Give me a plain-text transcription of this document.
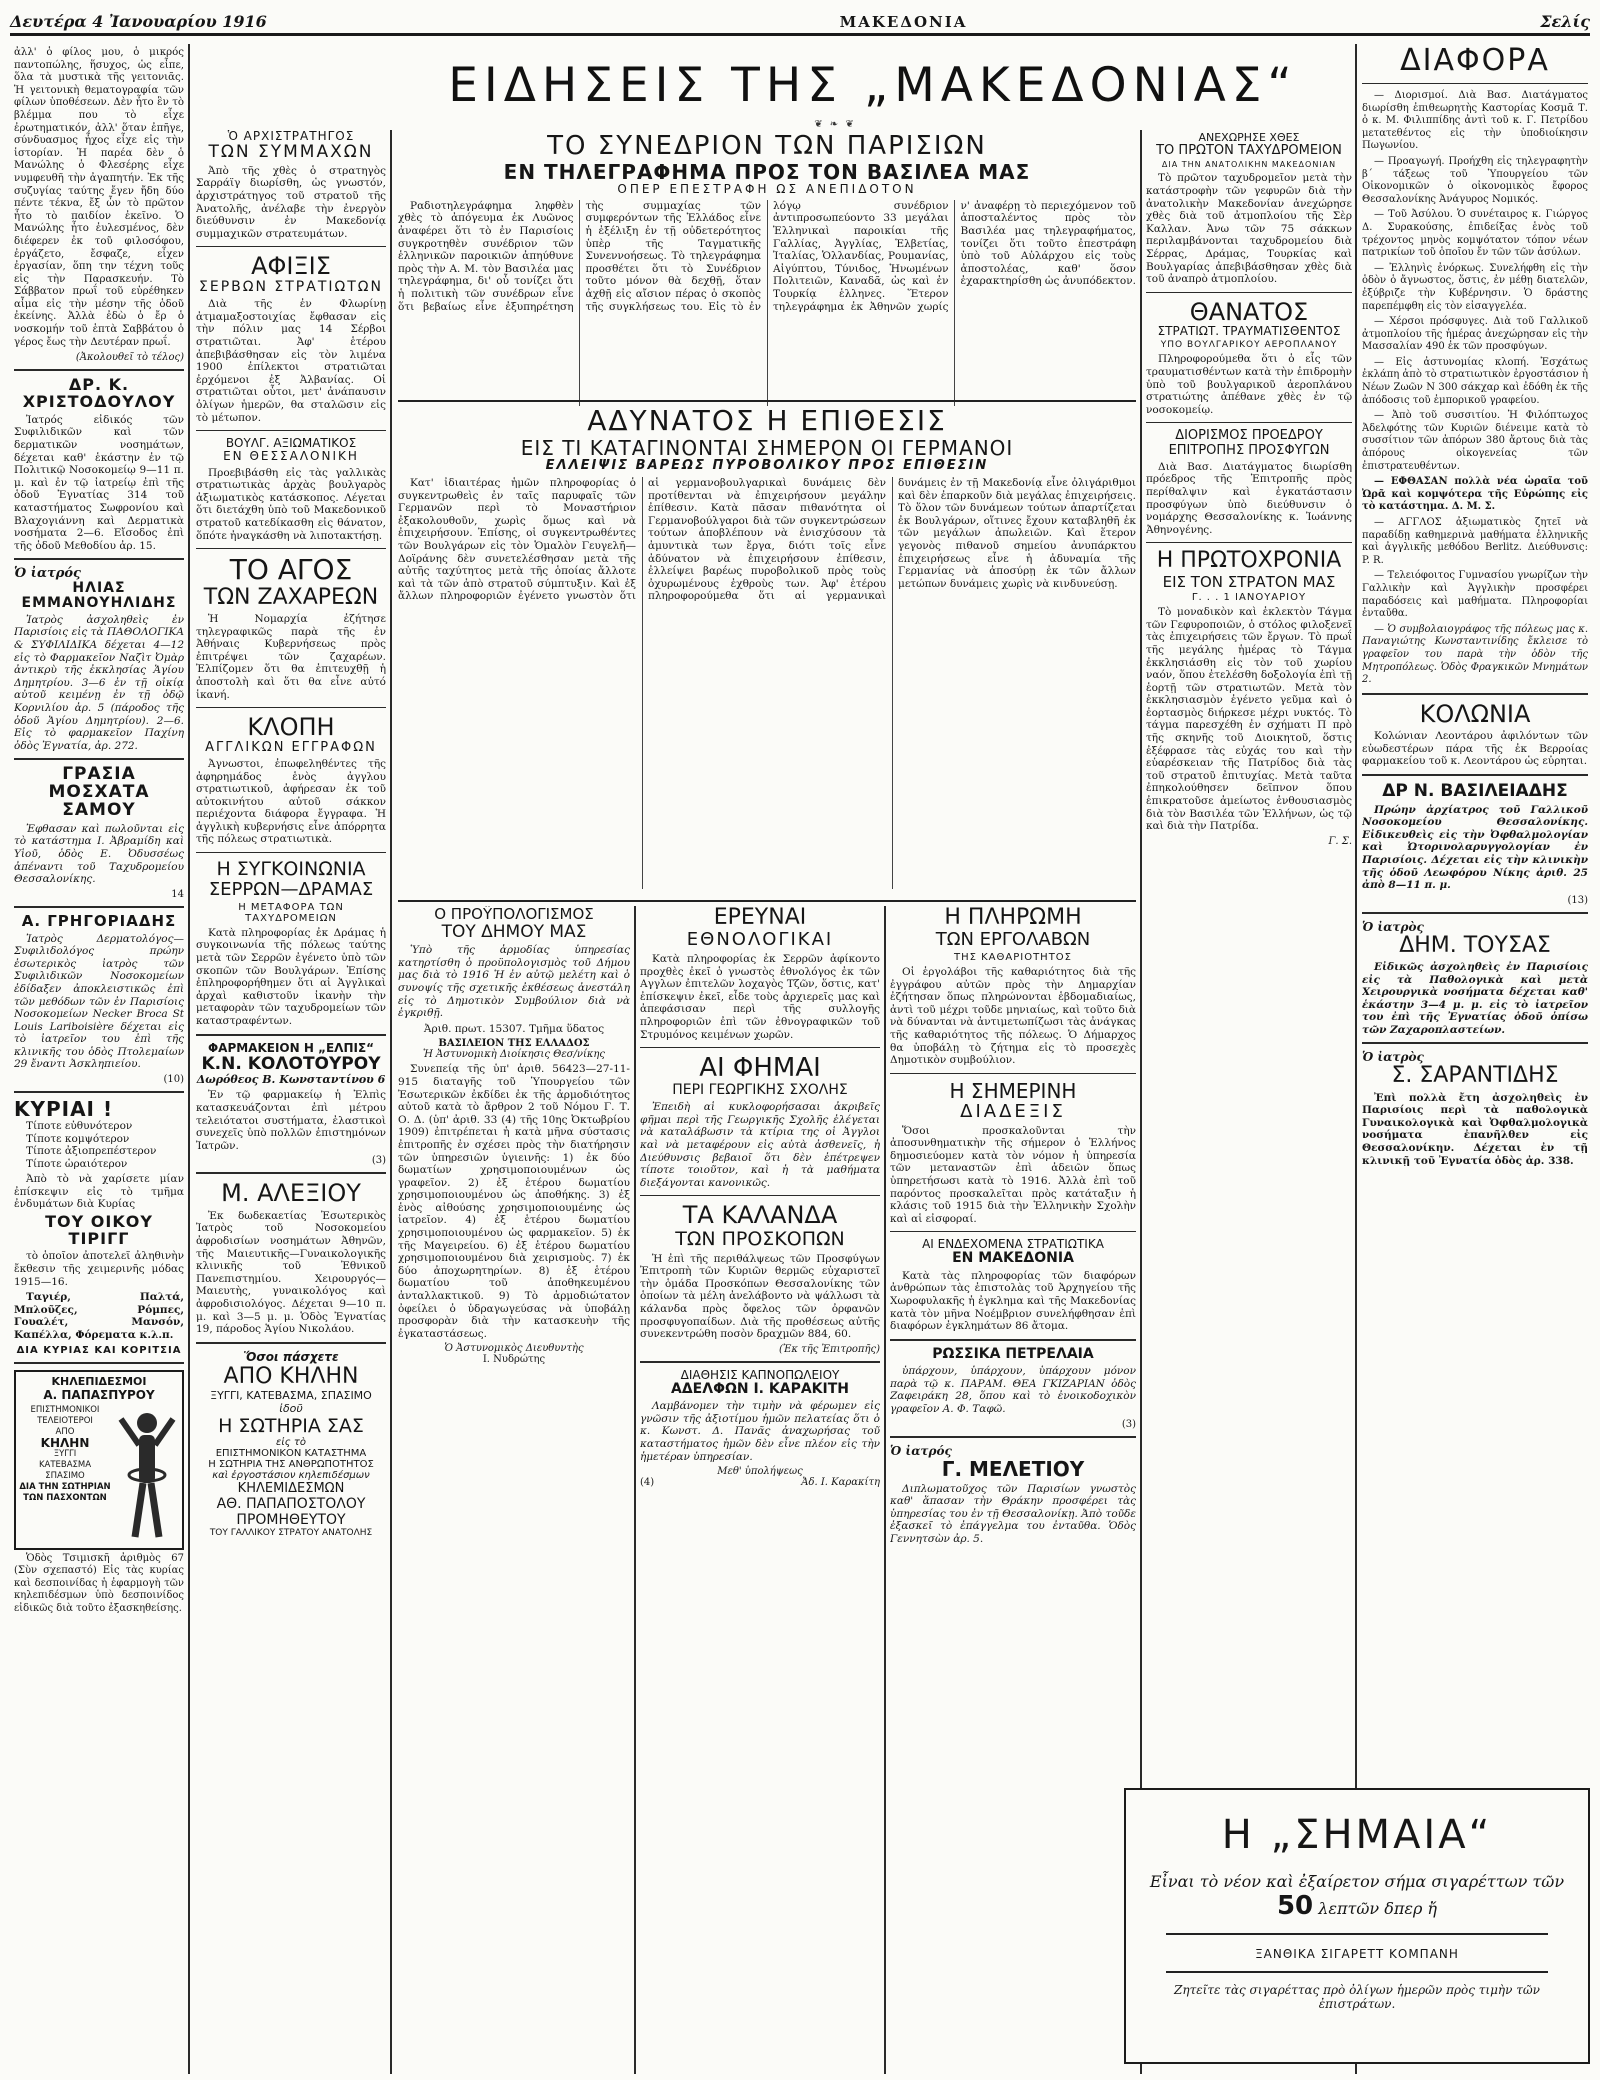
Δευτέρα 4 Ἰανουαρίου 1916	ΜΑΚΕΔΟΝΙΑ	Σελίς
ΕΙΔΗΣΕΙΣ ΤΗΣ „ΜΑΚΕΔΟΝΙΑΣ“
❦ ❧ ❦
ἀλλ' ὁ φίλος μου, ὁ μικρός παντοπώλης, ἥσυχος, ὡς εἶπε, ὅλα τὰ μυστικὰ τῆς γειτονιᾶς. Ἡ γειτονικὴ θεματογραφία τῶν φίλων ὑποθέσεων. Δὲν ἦτο ἓν τὸ βλέμμα που τὸ εἶχε ἐρωτηματικόν, ἀλλ' ὅταν ἐπῆγε, σύνδυασμος ἦχος εἶχε εἰς τὴν ἱστορίαν. Ἡ παρέα δὲν ὁ Μανώλης ὁ Φλεσέρης εἶχε νυμφευθῆ τὴν ἀγαπητήν. Ἐκ τῆς συζυγίας ταύτης ἔγεν ἤδη δύο πέντε τέκνα, ἔξ ὧν τὸ πρῶτον ἦτο τὸ παιδίον ἐκεῖνο. Ὁ Μανώλης ἦτο ἐυλεσμένος, δὲν διέφερεν ἐκ τοῦ φιλοσόφου, ἐργάζετο, ἔσφαζε, εἶχεν ἐργασίαν, ὅπη την τέχνη τοῦς εἰς τὴν Παρασκευήν. Τὸ Σάββατον πρωΐ τοῦ εὑρέθηκεν αἷμα εἰς τὴν μέσην τῆς ὁδοῦ ἐκείνης. Ἀλλὰ ἐδὼ ὁ ἔρ ὁ νοσκομήν τοῦ ἑπτὰ Σαββάτου ὁ γέρος ἔως τὴν Δευτέραν πρωΐ.
(Ἀκολουθεῖ τὸ τέλος)
ΔΡ. Κ. ΧΡΙΣΤΟΔΟΥΛΟΥ
Ἰατρός εἰδικός τῶν Συφιλιδικῶν καὶ τῶν δερματικῶν νοσημάτων, δέχεται καθ' ἑκάστην ἐν τῷ Πολιτικῷ Νοσοκομείῳ 9—11 π. μ. καὶ ἐν τῷ ἰατρείῳ ἐπὶ τῆς ὁδοῦ Ἐγνατίας 314 τοῦ καταστήματος Σωφρονίου καὶ Βλαχογιάννη καὶ Δερματικὰ νοσήματα 2—6. Εἴσοδος ἐπὶ τῆς ὁδοῦ Μεθοδίου ἀρ. 15.
Ὁ ἰατρός
ΗΛΙΑΣ ΕΜΜΑΝΟΥΗΛΙΔΗΣ
Ἰατρὸς ἀσχοληθεὶς ἐν Παρισίοις εἰς τὰ ΠΑΘΟΛΟΓΙΚΑ & ΣΥΦΙΛΙΔΙΚΑ δέχεται 4—12 εἰς τὸ Φαρμακεῖον Ναζὶτ Ὀμὰρ ἀντικρὺ τῆς ἐκκλησίας Ἁγίου Δημητρίου. 3—6 ἐν τῇ οἰκίᾳ αὐτοῦ κειμένῃ ἐν τῇ ὁδῷ Κορνιλίου ἀρ. 5 (πάροδος τῆς ὁδοῦ Ἁγίου Δημητρίου). 2—6. Εἰς τὸ φαρμακεῖον Παχίνη ὁδὸς Ἐγνατία, ἀρ. 272.
ΓΡΑΣΙΑ ΜΟΣΧΑΤΑ ΣΑΜΟΥ
Ἐφθασαν καὶ πωλοῦνται εἰς τὸ κατάστημα Ι. Ἀβραμίδη καὶ Υἱοῦ, ὁδὸς Ε. Ὀδυσσέως ἀπέναντι τοῦ Ταχυδρομείου Θεσσαλονίκης.
14
Α. ΓΡΗΓΟΡΙΑΔΗΣ
Ἰατρὸς Δερματολόγος—Συφιλιδολόγος πρώην ἐσωτερικὸς ἰατρὸς τῶν Συφιλιδικῶν Νοσοκομείων ἐδίδαξεν ἀποκλειστικῶς ἐπὶ τῶν μεθόδων τῶν ἐν Παρισίοις Νοσοκομείων Necker Broca St Louis Lariboisière δέχεται εἰς τὸ ἰατρεῖον του ἐπὶ τῆς κλινικῆς του ὁδὸς Πτολεμαίων 29 ἔναντι Ἀσκληπιείου.
(10)
ΚΥΡΙΑΙ !
Τίποτε εὐθυνότερον
Τίποτε κομψότερον
Τίποτε ἀξιοπρεπέστερον
Τίποτε ὡραιότερον
Ἀπὸ τὸ νὰ χαρίσετε μίαν ἐπίσκεψιν εἰς τὸ τμῆμα ἐνδυμάτων διὰ Κυρίας
ΤΟΥ ΟΙΚΟΥ ΤΙΡΙΓΓ
τὸ ὁποῖον ἀποτελεῖ ἀληθινὴν ἔκθεσιν τῆς χειμερινῆς μόδας 1915—16.
Ταγιέρ, Παλτά, Μπλοῦζες, Ρόμπες, Γουαλέτ, Μανσόν, Καπέλλα, Φόρεματα κ.λ.π.
ΔΙΑ ΚΥΡΙΑΣ ΚΑΙ ΚΟΡΙΤΣΙΑ
ΚΗΛΕΠΙΔΕΣΜΟΙ
Α. ΠΑΠΑΣΠΥΡΟΥ
ΕΠΙΣΤΗΜΟΝΙΚΟΙ
ΤΕΛΕΙΟΤΕΡΟΙ
ΑΠΟ
ΚΗΛΗΝ
ΞΥΓΓΙ
ΚΑΤΕΒΑΣΜΑ
ΣΠΑΣΙΜΟ
ΔΙΑ ΤΗΝ ΣΩΤΗΡΙΑΝ ΤΩΝ ΠΑΣΧΟΝΤΩΝ
Ὁδὸς Τσιμισκῆ ἀριθμὸς 67 (Σὺν σχεπαστό) Εἰς τὰς κυρίας καὶ δεσποινίδας ἡ ἐφαρμογὴ τῶν κηλεπιδέσμων ὑπὸ δεσποινίδος εἰδικῶς διὰ τοῦτο ἐξασκηθείσης.
Ὁ ΑΡΧΙΣΤΡΑΤΗΓΟΣ
ΤΩΝ ΣΥΜΜΑΧΩΝ
Ἀπὸ τῆς χθὲς ὁ στρατηγὸς Σαρράϊγ διωρίσθη, ὡς γνωστόν, ἀρχιστράτηγος τοῦ στρατοῦ τῆς Ἀνατολῆς, ἀνέλαβε τὴν ἐνεργὸν διεύθυνσιν ἐν Μακεδονίᾳ συμμαχικῶν στρατευμάτων.
ΑΦΙΞΙΣ
ΣΕΡΒΩΝ ΣΤΡΑΤΙΩΤΩΝ
Διὰ τῆς ἐν Φλωρίνῃ ἀτμαμαξοστοιχίας ἔφθασαν εἰς τὴν πόλιν μας 14 Σέρβοι στρατιῶται. Ἀφ' ἑτέρου ἀπεβιβάσθησαν εἰς τὸν λιμένα 1900 ἐπίλεκτοι στρατιῶται ἐρχόμενοι ἐξ Ἀλβανίας. Οἱ στρατιῶται οὗτοι, μετ' ἀνάπαυσιν ὀλίγων ἡμερῶν, θα σταλῶσιν εἰς τὸ μέτωπον.
ΒΟΥΛΓ. ΑΞΙΩΜΑΤΙΚΟΣ
ΕΝ ΘΕΣΣΑΛΟΝΙΚΗ
Προεβιβάσθη εἰς τὰς γαλλικὰς στρατιωτικὰς ἀρχὰς βουλγαρὸς ἀξιωματικὸς κατάσκοπος. Λέγεται ὅτι διετάχθη ὑπὸ τοῦ Μακεδονικοῦ στρατοῦ κατεδίκασθη εἰς θάνατον, ὅπότε ἠναγκάσθη νὰ λιποτακτήσῃ.
ΤΟ ΑΓΟΣ
ΤΩΝ ΖΑΧΑΡΕΩΝ
Ἡ Νομαρχία ἐζήτησε τηλεγραφικῶς παρὰ τῆς ἐν Ἀθήναις Κυβερνήσεως πρὸς ἐπιτρέψει τῶν ζαχαρέων. Ἐλπίζομεν ὅτι θα ἐπιτευχθῇ ἡ ἀποστολὴ καὶ ὅτι θα εἶνε αὐτό ἱκανή.
ΚΛΟΠΗ
ΑΓΓΛΙΚΩΝ ΕΓΓΡΑΦΩΝ
Ἀγνωστοι, ἐπωφεληθέντες τῆς ἀφηρημάδος ἑνὸς ἀγγλου στρατιωτικοῦ, ἀφήρεσαν ἐκ τοῦ αὐτοκινήτου αὐτοῦ σάκκον περιέχοντα διάφορα ἔγγραφα. Ἡ ἀγγλικὴ κυβερνήσις εἶνε ἀπόρρητα τῆς πόλεως στρατιωτικὰ.
Η ΣΥΓΚΟΙΝΩΝΙΑ
ΣΕΡΡΩΝ—ΔΡΑΜΑΣ
Η ΜΕΤΑΦΟΡΑ ΤΩΝ ΤΑΧΥΔΡΟΜΕΙΩΝ
Κατὰ πληροφορίας ἐκ Δράμας ἡ συγκοινωνία τῆς πόλεως ταύτης μετὰ τῶν Σερρῶν ἐγένετο ὑπὸ τῶν σκοπῶν τῶν Βουλγάρων. Ἐπίσης ἐπληροφορήθημεν ὅτι αἱ Ἀγγλικαὶ ἀρχαὶ καθιστοῦν ἱκανὴν τὴν μεταφορὰν τῶν ταχυδρομείων τῶν καταστραφέντων.
ΦΑΡΜΑΚΕΙΟΝ Η „ΕΛΠΙΣ“
Κ.Ν. ΚΟΛΟΤΟΥΡΟΥ
Δωρόθεος Β. Κωνσταντίνου 6
Ἐν τῷ φαρμακείῳ ἡ Ἐλπὶς κατασκευάζονται ἐπὶ μέτρου τελειότατοι συστήματα, ἐλαστικοὶ συνεχεῖς ὑπὸ πολλῶν ἐπιστημόνων Ἰατρῶν.
(3)
Μ. ΑΛΕΞΙΟΥ
Ἐκ δωδεκαετίας Ἐσωτερικὸς Ἰατρὸς τοῦ Νοσοκομείου ἀφροδισίων νοσημάτων Ἀθηνῶν, τῆς Μαιευτικῆς—Γυναικολογικῆς κλινικῆς τοῦ Ἐθνικοῦ Πανεπιστημίου. Χειρουργός—Μαιευτὴς, γυναικολόγος καὶ ἀφροδισιολόγος. Δέχεται 9—10 π. μ. καὶ 3—5 μ. μ. Ὁδὸς Ἐγνατίας 19, πάροδος Ἁγίου Νικολάου.
Ὅσοι πάσχετε
ΑΠΟ ΚΗΛΗΝ
ΞΥΓΓΙ, ΚΑΤΕΒΑΣΜΑ, ΣΠΑΣΙΜΟ
ἰδοῦ
Η ΣΩΤΗΡΙΑ ΣΑΣ
εἰς τὸ
ΕΠΙΣΤΗΜΟΝΙΚΟΝ ΚΑΤΑΣΤΗΜΑ
Η ΣΩΤΗΡΙΑ ΤΗΣ ΑΝΘΡΩΠΟΤΗΤΟΣ
καὶ ἐργοστάσιον κηλεπιδέσμων
ΚΗΛΕΜΙΔΕΣΜΩΝ
ΑΘ. ΠΑΠΑΠΟΣΤΟΛΟΥ
ΠΡΟΜΗΘΕΥΤΟΥ
ΤΟΥ ΓΑΛΛΙΚΟΥ ΣΤΡΑΤΟΥ ΑΝΑΤΟΛΗΣ
ΤΟ ΣΥΝΕΔΡΙΟΝ ΤΩΝ ΠΑΡΙΣΙΩΝ
ΕΝ ΤΗΛΕΓΡΑΦΗΜΑ ΠΡΟΣ ΤΟΝ ΒΑΣΙΛΕΑ ΜΑΣ
ΟΠΕΡ ΕΠΕΣΤΡΑΦΗ ΩΣ ΑΝΕΠΙΔΟΤΟΝ
Ραδιοτηλεγράφημα ληφθὲν χθὲς τὸ ἀπόγευμα ἐκ Λυῶνος ἀναφέρει ὅτι τὸ ἐν Παρισίοις συγκροτηθὲν συνέδριον τῶν ἑλληνικῶν παροικιῶν ἀπηύθυνε πρὸς τὴν Α. Μ. τὸν Βασιλέα μας τηλεγράφημα, δι' οὗ τονίζει ὅτι ἡ πολιτικὴ τῶν συνέδρων εἶνε ὅτι βεβαίως εἶνε ἐξυπηρέτηση τὴς συμμαχίας τῶν συμφερόντων τῆς Ἑλλάδος εἶνε ἡ ἐξέλιξη ἐν τῇ οὐδετερότητος ὑπὲρ τῆς Ταγματικῆς Συνεννοήσεως. Τὸ τηλεγράφημα προσθέτει ὅτι τὸ Συνέδριον τοῦτο μόνον θὰ δεχθῇ, ὅταν ἀχθῇ εἰς αἴσιον πέρας ὁ σκοπὸς τῆς συγκλήσεως του. Εἰς τὸ ἐν λόγῳ συνέδριον ἀντιπροσωπεύοντο 33 μεγάλαι Ἑλληνικαὶ παροικίαι τῆς Γαλλίας, Ἀγγλίας, Ἑλβετίας, Ἰταλίας, Ὁλλανδίας, Ρουμανίας, Αἰγύπτου, Τύνιδος, Ἡνωμένων Πολιτειῶν, Καναδᾶ, ὡς καὶ ἐν Τουρκίᾳ ἑλληνες. Ἕτερον τηλεγράφημα ἐκ Ἀθηνῶν χωρίς ν' ἀναφέρῃ τὸ περιεχόμενον τοῦ ἀποσταλέντος πρὸς τὸν Βασιλέα μας τηλεγραφήματος, τονίζει ὅτι τοῦτο ἐπεστράφη ὑπὸ τοῦ Αὐλάρχου εἰς τοὺς ἀποστολέας, καθ' ὅσον ἐχαρακτηρίσθη ὡς ἀνυπόδεκτον.
ΑΔΥΝΑΤΟΣ Η ΕΠΙΘΕΣΙΣ
ΕΙΣ ΤΙ ΚΑΤΑΓΙΝΟΝΤΑΙ ΣΗΜΕΡΟΝ ΟΙ ΓΕΡΜΑΝΟΙ
ΕΛΛΕΙΨΙΣ ΒΑΡΕΩΣ ΠΥΡΟΒΟΛΙΚΟΥ ΠΡΟΣ ΕΠΙΘΕΣΙΝ
Κατ' ἰδιαιτέρας ἡμῶν πληροφορίας ὁ συγκεντρωθεὶς ἐν ταῖς παρυφαῖς τῶν Γερμανῶν περὶ τὸ Μοναστήριον ἐξακολουθοῦν, χωρὶς ὅμως καὶ νὰ ἐπιχειρήσουν. Ἐπίσης, οἱ συγκεντρωθέντες τῶν Βουλγάρων εἰς τὸν Ὁμαλὸν Γευγελῆ—Δοϊράνης δὲν συνετελέσθησαν μετὰ τῆς αὐτῆς ταχύτητος μετὰ τῆς ὁποίας ἄλλοτε καὶ τὰ τῶν ἀπὸ στρατοῦ σύμπτυξιν. Καὶ ἐξ ἄλλων πληροφοριῶν ἐγένετο γνωστὸν ὅτι αἱ γερμανοβουλγαρικαὶ δυνάμεις δὲν προτίθενται νὰ ἐπιχειρήσουν μεγάλην ἐπίθεσιν. Κατὰ πᾶσαν πιθανότητα οἱ Γερμανοβούλγαροι διὰ τῶν συγκεντρώσεων τούτων ἀποβλέπουν νὰ ἐνισχύσουν τὰ ἀμυντικὰ των ἔργα, διότι τοῖς εἶνε ἀδύνατον νὰ ἐπιχειρήσουν ἐπίθεσιν, ἐλλείψει βαρέως πυροβολικοῦ πρὸς τοὺς ὀχυρωμένους ἐχθροὺς των. Ἀφ' ἑτέρου πληροφορούμεθα ὅτι αἱ γερμανικαὶ δυνάμεις ἐν τῇ Μακεδονίᾳ εἶνε ὀλιγάριθμοι καὶ δὲν ἐπαρκοῦν διὰ μεγάλας ἐπιχειρήσεις. Τὸ ὅλον τῶν δυνάμεων τούτων ἀπαρτίζεται ἐκ Βουλγάρων, οἵτινες ἔχουν καταβληθῆ ἐκ τῶν μεγάλων ἀπωλειῶν. Καὶ ἕτερον γεγονὸς πιθανοῦ σημείου ἀνυπάρκτου ἐπιχειρήσεως εἶνε ἡ ἀδυναμία τῆς Γερμανίας νὰ ἀποσύρῃ ἐκ τῶν ἄλλων μετώπων δυνάμεις χωρὶς νὰ κινδυνεύσῃ.
Ο ΠΡΟΫΠΟΛΟΓΙΣΜΟΣ
ΤΟΥ ΔΗΜΟΥ ΜΑΣ
Ὑπὸ τῆς ἁρμοδίας ὑπηρεσίας κατηρτίσθη ὁ προϋπολογισμὸς τοῦ Δήμου μας διὰ τὸ 1916 Ἡ ἐν αὐτῷ μελέτη καὶ ὁ συνοψίς τῆς σχετικῆς ἐκθέσεως ἀνεστάλη εἰς τὸ Δημοτικὸν Συμβούλιον διὰ νὰ ἐγκριθῇ.
Ἀριθ. πρωτ. 15307. Τμῆμα ὕδατος
ΒΑΣΙΛΕΙΟΝ ΤΗΣ ΕΛΛΑΔΟΣ
Ἡ Ἀστυνομικὴ Διοίκησις Θεσ/νίκης
Συνεπείᾳ τῆς ὑπ' ἀριθ. 56423—27-11-915 διαταγῆς τοῦ Ὑπουργείου τῶν Ἐσωτερικῶν ἐκδίδει ἐκ τῆς ἀρμοδιότητος αὐτοῦ κατὰ τὸ ἄρθρον 2 τοῦ Νόμου Γ. Τ. Ο. Δ. (ὑπ' ἀριθ. 33 (4) τῆς 10ης Ὀκτωβρίου 1909) ἐπιτρέπεται ἡ κατὰ μῆνα σύστασις ἐπιτροπῆς ἐν σχέσει πρὸς τὴν διατήρησιν τῶν ὑπηρεσιῶν ὑγιεινῆς: 1) ἐκ δύο δωματίων χρησιμοποιουμένων ὡς γραφεῖον. 2) ἐξ ἑτέρου δωματίου χρησιμοποιουμένου ὡς ἀποθήκης. 3) ἐξ ἑνὸς αἰθούσης χρησιμοποιουμένης ὡς ἰατρεῖον. 4) ἐξ ἑτέρου δωματίου χρησιμοποιουμένου ὡς φαρμακεῖον. 5) ἐκ τῆς Μαγειρείου. 6) ἐξ ἑτέρου δωματίου χρησιμοποιουμένου διὰ χειρισμοὺς. 7) ἐκ δύο ἀποχωρητηρίων. 8) ἐξ ἑτέρου δωματίου τοῦ ἀποθηκευμένου ἀνταλλακτικοῦ. 9) Τὸ ἁρμοδιώτατον ὀφείλει ὁ ὑδραγωγεύσας νὰ ὑποβάλῃ προσφορὰν διὰ τὴν κατασκευὴν τῆς ἐγκαταστάσεως.
Ὁ Ἀστυνομικὸς Διευθυντὴς
Ι. Νυδρώτης
ΕΡΕΥΝΑΙ
ΕΘΝΟΛΟΓΙΚΑΙ
Κατὰ πληροφορίας ἐκ Σερρῶν ἀφίκοντο προχθὲς ἐκεῖ ὁ γνωστὸς ἐθνολόγος ἐκ τῶν Αγγλων ἐπιτελῶν λοχαγὸς Τζῶν, ὅστις, κατ' ἐπίσκεψιν ἐκεῖ, εἶδε τοὺς ἀρχιερεῖς μας καὶ ἀπεφάσισαν περὶ τῆς συλλογῆς πληροφοριῶν ἐπὶ τῶν ἐθνογραφικῶν τοῦ Στρυμόνος κειμένων χωρῶν.
ΑΙ ΦΗΜΑΙ
ΠΕΡΙ ΓΕΩΡΓΙΚΗΣ ΣΧΟΛΗΣ
Ἐπειδὴ αἱ κυκλοφορήσασαι ἀκριβεῖς φῆμαι περὶ τῆς Γεωργικῆς Σχολῆς ἐλέγεται νὰ καταλάβωσιν τὰ κτίρια της οἱ Ἀγγλοι καὶ νὰ μεταφέρουν εἰς αὐτὰ ἀσθενεῖς, ἡ Διεύθυνσις βεβαιοῖ ὅτι δὲν ἐπέτρεψεν τίποτε τοιοῦτον, καὶ ἡ τὰ μαθήματα διεξάγονται κανονικῶς.
ΤΑ ΚΑΛΑΝΔΑ
ΤΩΝ ΠΡΟΣΚΟΠΩΝ
Ἡ ἐπὶ τῆς περιθάλψεως τῶν Προσφύγων Ἐπιτροπὴ τῶν Κυριῶν θερμῶς εὐχαριστεῖ τὴν ὁμάδα Προσκόπων Θεσσαλονίκης τῶν ὁποίων τὰ μέλη ἀνελάβοντο νὰ ψάλλωσι τὰ κάλανδα πρὸς ὄφελος τῶν ὀρφανῶν προσφυγοπαίδων. Διὰ τῆς προθέσεως αὐτῆς συνεκεντρώθη ποσὸν δραχμῶν 884, 60.
(Ἐκ τῆς Ἐπιτροπῆς)
ΔΙΑΘΗΣΙΣ ΚΑΠΝΟΠΩΛΕΙΟΥ
ΑΔΕΛΦΩΝ Ι. ΚΑΡΑΚΙΤΗ
Λαμβάνομεν τὴν τιμὴν νὰ φέρωμεν εἰς γνῶσιν τῆς ἀξιοτίμου ἡμῶν πελατείας ὅτι ὁ κ. Κωνστ. Δ. Πανᾶς ἀναχωρήσας τοῦ καταστήματος ἡμῶν δὲν εἶνε πλέον εἰς τὴν ἡμετέραν ὑπηρεσίαν.
Μεθ' ὑπολήψεως
(4)	Ἀδ. Ι. Καρακίτη
Η ΠΛΗΡΩΜΗ
ΤΩΝ ΕΡΓΟΛΑΒΩΝ
ΤΗΣ ΚΑΘΑΡΙΟΤΗΤΟΣ
Οἱ ἐργολάβοι τῆς καθαριότητος διὰ τῆς ἐγγράφου αὐτῶν πρὸς τὴν Δημαρχίαν ἐζήτησαν ὅπως πληρώνονται ἑβδομαδιαίως, ἀντὶ τοῦ μέχρι τοῦδε μηνιαίως, καὶ τοῦτο διὰ νὰ δύνανται νὰ ἀντιμετωπίζωσι τὰς ἀνάγκας τῆς καθαριότητος τῆς πόλεως. Ὁ Δήμαρχος θα ὑποβάλῃ τὸ ζήτημα εἰς τὸ προσεχὲς Δημοτικὸν συμβούλιον.
Η ΣΗΜΕΡΙΝΗ
ΔΙΑΔΕΞΙΣ
Ὅσοι προσκαλοῦνται τὴν ἀποσυνθηματικὴν τῆς σήμερον ὁ Ἑλλήνος δημοσιεύομεν κατὰ τὸν νόμον ἡ ὑπηρεσία τῶν μεταναστῶν ἐπὶ ἀδειῶν ὅπως ὑπηρετήσωσι κατὰ τὸ 1916. Ἀλλὰ ἐπὶ τοῦ παρόντος προσκαλεῖται πρὸς κατάταξιν ἡ κλάσις τοῦ 1915 διὰ τὴν Ἑλληνικὴν Σχολὴν καὶ αἱ εἰσφοραί.
ΑΙ ΕΝΔΕΧΟΜΕΝΑ ΣΤΡΑΤΙΩΤΙΚΑ
ΕΝ ΜΑΚΕΔΟΝΙΑ
Κατὰ τὰς πληροφορίας τῶν διαφόρων ἀνθρώπων τὰς ἐπιστολὰς τοῦ Ἀρχηγείου τῆς Χωροφυλακῆς ἡ ἐγκλημα καὶ τῆς Μακεδονίας κατὰ τὸν μῆνα Νοέμβριον συνελήφθησαν ἐπὶ διαφόρων ἐγκλημάτων 86 ἄτομα.
ΡΩΣΣΙΚΑ ΠΕΤΡΕΛΑΙΑ
ὑπάρχουν, ὑπάρχουν, ὑπάρχουν μόνον παρὰ τῷ κ. ΠΑΡΑΜ. ΘΕΑ ΓΚΙΖΑΡΙΑΝ ὁδὸς Ζαφειράκη 28, ὅπου καὶ τὸ ἐνοικοδοχικὸν γραφεῖον Α. Φ. Ταφῶ.
(3)
Ὁ ἰατρός
Γ. ΜΕΛΕΤΙΟΥ
Διπλωματοῦχος τῶν Παρισίων γνωστὸς καθ' ἅπασαν τὴν Θράκην προσφέρει τὰς ὑπηρεσίας του ἐν τῇ Θεσσαλονίκῃ. Ἀπὸ τοῦδε ἐξασκεῖ τὸ ἐπάγγελμα του ἐνταῦθα. Ὁδὸς Γεννητσὼν ἀρ. 5.
ΑΝΕΧΩΡΗΣΕ ΧΘΕΣ
ΤΟ ΠΡΩΤΟΝ ΤΑΧΥΔΡΟΜΕΙΟΝ
ΔΙΑ ΤΗΝ ΑΝΑΤΟΛΙΚΗΝ ΜΑΚΕΔΟΝΙΑΝ
Τὸ πρῶτον ταχυδρομεῖον μετὰ τὴν κατάστροφὴν τῶν γεφυρῶν διὰ τὴν ἀνατολικὴν Μακεδονίαν ἀνεχώρησε χθὲς διὰ τοῦ ἀτμοπλοίου τῆς Σὲρ Καλλαν. Ἀνω τῶν 75 σάκκων περιλαμβάνονται ταχυδρομείου διὰ Σέρρας, Δράμας, Τουρκίας καὶ Βουλγαρίας ἀπεβιβάσθησαν χθὲς διὰ τοῦ ἀναπρὸ ἀτμοπλοίου.
ΘΑΝΑΤΟΣ
ΣΤΡΑΤΙΩΤ. ΤΡΑΥΜΑΤΙΣΘΕΝΤΟΣ
ΥΠΟ ΒΟΥΛΓΑΡΙΚΟΥ ΑΕΡΟΠΛΑΝΟΥ
Πληροφορούμεθα ὅτι ὁ εἷς τῶν τραυματισθέντων κατὰ τὴν ἐπιδρομὴν ὑπὸ τοῦ βουλγαρικοῦ ἀεροπλάνου στρατιώτης ἀπέθανε χθὲς ἐν τῷ νοσοκομείῳ.
ΔΙΟΡΙΣΜΟΣ ΠΡΟΕΔΡΟΥ
ΕΠΙΤΡΟΠΗΣ ΠΡΟΣΦΥΓΩΝ
Διὰ Βασ. Διατάγματος διωρίσθη πρόεδρος τῆς Ἐπιτροπῆς πρὸς περίθαλψιν καὶ ἐγκατάστασιν προσφύγων ὑπὸ διεύθυνσιν ὁ νομάρχης Θεσσαλονίκης κ. Ἰωάννης Ἀθηνογένης.
Η ΠΡΩΤΟΧΡΟΝΙΑ
ΕΙΣ ΤΟΝ ΣΤΡΑΤΟΝ ΜΑΣ
Γ. . . 1 ΙΑΝΟΥΑΡΙΟΥ
Τὸ μοναδικὸν καὶ ἐκλεκτὸν Τάγμα τῶν Γεφυροποιῶν, ὁ στόλος φιλοξενεῖ τὰς ἐπιχειρήσεις τῶν ἔργων. Τὸ πρωΐ τῆς μεγάλης ἡμέρας τὸ Τάγμα ἐκκλησιάσθη εἰς τὸν τοῦ χωρίου ναόν, ὅπου ἐτελέσθη δοξολογία ἐπὶ τῇ ἑορτῇ τῶν στρατιωτῶν. Μετὰ τὸν ἐκκλησιασμὸν ἐγένετο γεῦμα καὶ ὁ ἐορτασμὸς διήρκεσε μέχρι νυκτός. Τὸ τάγμα παρεσχέθη ἐν σχήματι Π πρὸ τῆς σκηνῆς τοῦ Διοικητοῦ, ὅστις ἐξέφρασε τὰς εὐχάς του καὶ τὴν εὐαρέσκειαν τῆς Πατρίδος διὰ τὰς τοῦ στρατοῦ ἐπιτυχίας. Μετὰ ταῦτα ἐπηκολούθησεν δεῖπνον ὅπου ἐπικρατοῦσε ἀμείωτος ἐνθουσιασμὸς διὰ τὸν Βασιλέα τῶν Ἑλλήνων, ὡς τῷ καὶ διὰ τὴν Πατρίδα.
Γ. Σ.
ΔΙΑΦΟΡΑ
— Διορισμοί. Διὰ Βασ. Διατάγματος διωρίσθη ἐπιθεωρητὴς Καστορίας Κοσμᾶ Τ. ὁ κ. Μ. Φιλιππίδης ἀντὶ τοῦ κ. Γ. Πετρίδου μετατεθέντος εἰς τὴν ὑποδιοίκησιν Πωγωνίου.
— Προαγωγή. Προήχθη εἰς τηλεγραφητὴν β΄ τάξεως τοῦ Ὑπουργείου τῶν Οἰκονομικῶν ὁ οἰκονομικὸς ἔφορος Θεσσαλονίκης Ἀνάγυρος Νομικός.
— Τοῦ Ἀσύλου. Ὁ συνέταιρος κ. Γιώργος Δ. Συρακούσης, ἐπιδείξας ἑνὸς τοῦ τρέχοντος μηνὸς κομψότατον τόπον νέων πατρικίων τοῦ ὁποῖου ἔν τῶν τῶν ἀσύλων.
— Ἐλληνὶς ἐνόρκως. Συνελήφθη εἰς τὴν ὁδὸν ὁ ἄγνωστος, ὅστις, ἐν μέθῃ διατελῶν, ἐξύβριζε τὴν Κυβέρνησιν. Ὁ δράστης παρεπέμφθη εἰς τὸν εἰσαγγελέα.
— Χέρσοι πρόσφυγες. Διὰ τοῦ Γαλλικοῦ ἀτμοπλοίου τῆς ἡμέρας ἀνεχώρησαν εἰς τὴν Μασσαλίαν 490 ἐκ τῶν προσφύγων.
— Εἰς ἀστυνομίας κλοπή. Ἐσχάτως ἐκλάπη ἀπὸ τὸ στρατιωτικὸν ἐργοστάσιον ἡ Νέων Ζωῶν Ν 300 σάκχαρ καὶ ἐδόθη ἐκ τῆς ἀπόδοσις τοῦ ἐμπορικοῦ γραφείου.
— Ἀπὸ τοῦ συσσιτίου. Ἡ Φιλόπτωχος Ἀδελφότης τῶν Κυριῶν διένειμε κατὰ τὸ συσσίτιον τῶν ἀπόρων 380 ἄρτους διὰ τὰς ἀπόρους οἰκογενείας τῶν ἐπιστρατευθέντων.
— ΕΦΘΑΣΑΝ πολλὰ νέα ὡραῖα τοῦ Ὠρᾶ καὶ κομψότερα τῆς Εὐρώπης εἰς τὸ κατάστημα. Δ. Μ. Σ.
— ΑΓΓΛΟΣ ἀξιωματικὸς ζητεῖ νὰ παραδίδῃ καθημερινὰ μαθήματα ἑλληνικῆς καὶ ἀγγλικῆς μεθόδου Berlitz. Διεύθυνσις: P. R.
— Τελειόφοιτος Γυμνασίου γνωρίζων τὴν Γαλλικὴν καὶ Ἀγγλικὴν προσφέρει παραδόσεις καὶ μαθήματα. Πληροφορίαι ἐνταῦθα.
— Ὁ συμβολαιογράφος τῆς πόλεως μας κ. Παναγιώτης Κωνσταντινίδης ἔκλεισε τὸ γραφεῖον του παρὰ τὴν ὁδὸν τῆς Μητροπόλεως. Ὁδὸς Φραγκικῶν Μνημάτων 2.
ΚΟΛΩΝΙΑ
Κολώνιαν Λεοντάρου ἀφιλόντων τῶν εὐωδεστέρων πάρα τῆς ἐκ Βερροίας φαρμακείου τοῦ κ. Λεοντάρου ὡς εὐρηται.
ΔΡ Ν. ΒΑΣΙΛΕΙΑΔΗΣ
Πρώην ἀρχίατρος τοῦ Γαλλικοῦ Νοσοκομείου Θεσσαλονίκης. Εἰδικευθεὶς εἰς τὴν Ὀφθαλμολογίαν καὶ Ὠτορινολαρυγγολογίαν ἐν Παρισίοις. Δέχεται εἰς τὴν κλινικὴν τῆς ὁδοῦ Λεωφόρου Νίκης ἀριθ. 25 ἀπὸ 8—11 π. μ.
(13)
Ὁ ἰατρὸς
ΔΗΜ. ΤΟΥΣΑΣ
Εἰδικῶς ἀσχοληθεὶς ἐν Παρισίοις εἰς τὰ Παθολογικὰ καὶ μετὰ Χειρουργικὰ νοσήματα δέχεται καθ' ἑκάστην 3—4 μ. μ. εἰς τὸ ἰατρεῖον του ἐπὶ τῆς Ἐγνατίας ὁδοῦ ὁπίσω τῶν Ζαχαροπλαστείων.
Ὁ ἰατρὸς
Σ. ΣΑΡΑΝΤΙΔΗΣ
Ἐπὶ πολλὰ ἔτη ἀσχοληθεὶς ἐν Παρισίοις περὶ τὰ παθολογικὰ Γυναικολογικὰ καὶ Ὀφθαλμολογικὰ νοσήματα ἐπανῆλθεν εἰς Θεσσαλονίκην. Δέχεται ἐν τῇ κλινικῇ τοῦ Ἐγνατία ὁδὸς ἀρ. 338.
Η „ΣΗΜΑΙΑ“
Εἶναι τὸ νέον καὶ ἐξαίρετον σήμα σιγαρέττων τῶν 50 λεπτῶν δπερ ἤ
ΞΑΝΘΙΚΑ ΣΙΓΑΡΕΤΤ ΚΟΜΠΑΝΗ
Ζητεῖτε τὰς σιγαρέττας πρὸ ὀλίγων ἡμερῶν πρὸς τιμὴν τῶν ἐπιστράτων.
